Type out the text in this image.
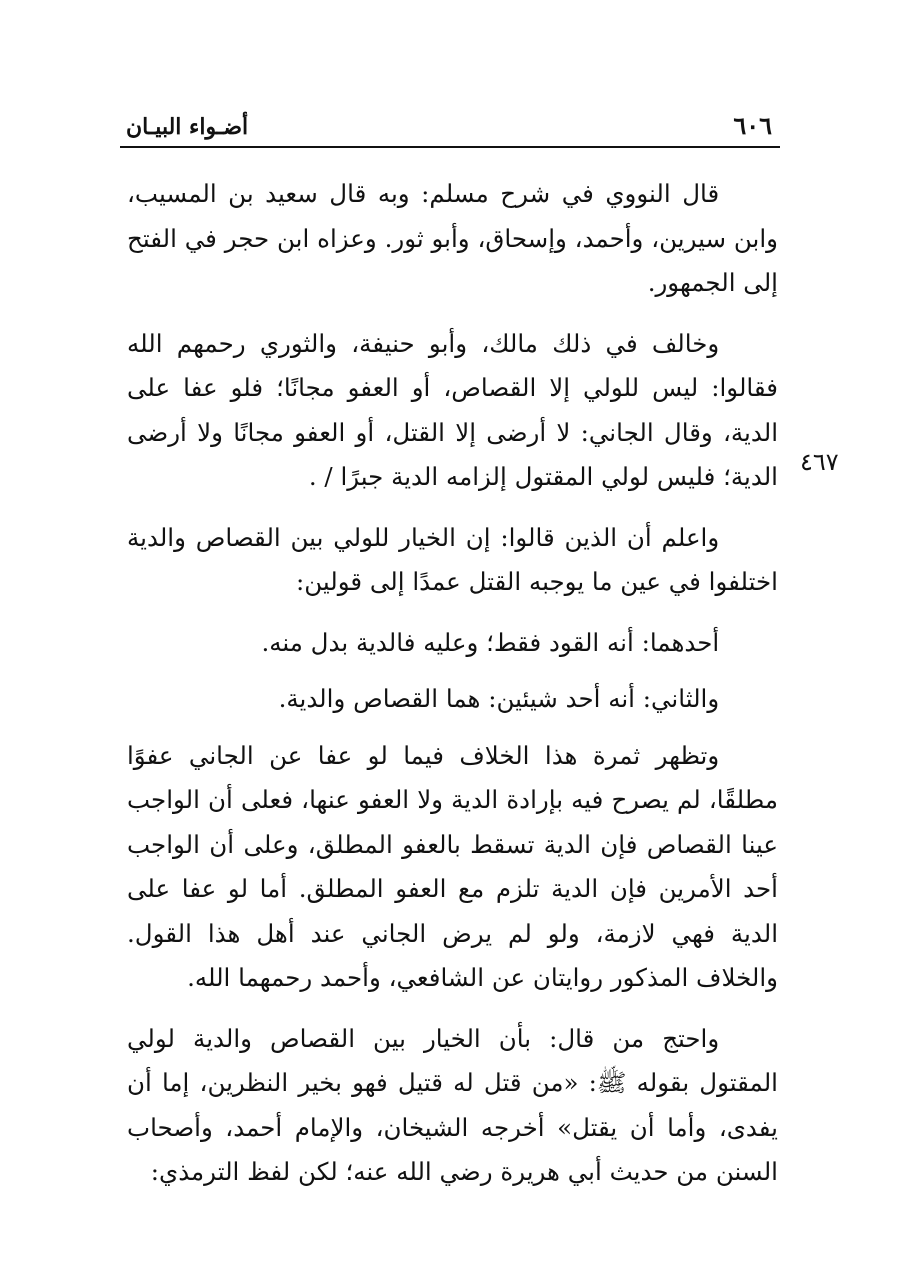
أضـواء البيـان	٦٠٦
٤٦٧

قال النووي في شرح مسلم: وبه قال سعيد بن المسيب، وابن سيرين، وأحمد، وإسحاق، وأبو ثور. وعزاه ابن حجر في الفتح إلى الجمهور.

وخالف في ذلك مالك، وأبو حنيفة، والثوري رحمهم الله فقالوا: ليس للولي إلا القصاص، أو العفو مجانًا؛ فلو عفا على الدية، وقال الجاني: لا أرضى إلا القتل، أو العفو مجانًا ولا أرضى الدية؛ فليس لولي المقتول إلزامه الدية جبرًا / .

واعلم أن الذين قالوا: إن الخيار للولي بين القصاص والدية اختلفوا في عين ما يوجبه القتل عمدًا إلى قولين:

أحدهما: أنه القود فقط؛ وعليه فالدية بدل منه.

والثاني: أنه أحد شيئين: هما القصاص والدية.

وتظهر ثمرة هذا الخلاف فيما لو عفا عن الجاني عفوًا مطلقًا، لم يصرح فيه بإرادة الدية ولا العفو عنها، فعلى أن الواجب عينا القصاص فإن الدية تسقط بالعفو المطلق، وعلى أن الواجب أحد الأمرين فإن الدية تلزم مع العفو المطلق. أما لو عفا على الدية فهي لازمة، ولو لم يرض الجاني عند أهل هذا القول. والخلاف المذكور روايتان عن الشافعي، وأحمد رحمهما الله.

واحتج من قال: بأن الخيار بين القصاص والدية لولي المقتول بقوله ﷺ: «من قتل له قتيل فهو بخير النظرين، إما أن يفدى، وأما أن يقتل» أخرجه الشيخان، والإمام أحمد، وأصحاب السنن من حديث أبي هريرة رضي الله عنه؛ لكن لفظ الترمذي:
